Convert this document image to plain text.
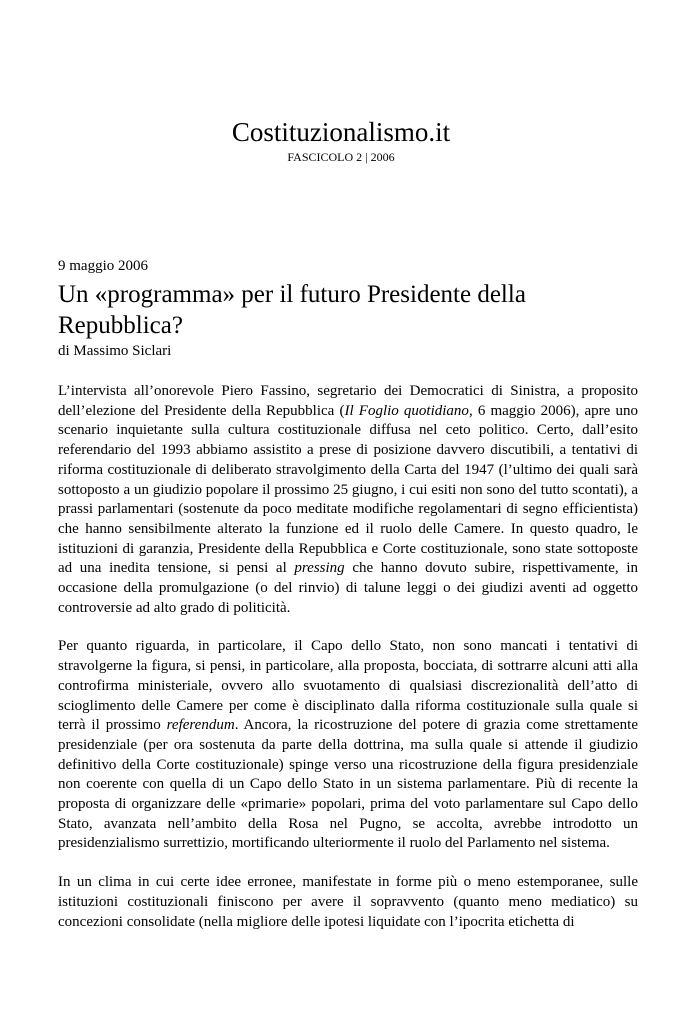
Costituzionalismo.it
FASCICOLO 2 | 2006

9 maggio 2006

Un «programma» per il futuro Presidente della Repubblica?

di Massimo Siclari

L’intervista all’onorevole Piero Fassino, segretario dei Democratici di Sinistra, a proposito dell’elezione del Presidente della Repubblica (Il Foglio quotidiano, 6 maggio 2006), apre uno scenario inquietante sulla cultura costituzionale diffusa nel ceto politico. Certo, dall’esito referendario del 1993 abbiamo assistito a prese di posizione davvero discutibili, a tentativi di riforma costituzionale di deliberato stravolgimento della Carta del 1947 (l’ultimo dei quali sarà sottoposto a un giudizio popolare il prossimo 25 giugno, i cui esiti non sono del tutto scontati), a prassi parlamentari (sostenute da poco meditate modifiche regolamentari di segno efficientista) che hanno sensibilmente alterato la funzione ed il ruolo delle Camere. In questo quadro, le istituzioni di garanzia, Presidente della Repubblica e Corte costituzionale, sono state sottoposte ad una inedita tensione, si pensi al pressing che hanno dovuto subire, rispettivamente, in occasione della promulgazione (o del rinvio) di talune leggi o dei giudizi aventi ad oggetto controversie ad alto grado di politicità.

Per quanto riguarda, in particolare, il Capo dello Stato, non sono mancati i tentativi di stravolgerne la figura, si pensi, in particolare, alla proposta, bocciata, di sottrarre alcuni atti alla controfirma ministeriale, ovvero allo svuotamento di qualsiasi discrezionalità dell’atto di scioglimento delle Camere per come è disciplinato dalla riforma costituzionale sulla quale si terrà il prossimo referendum. Ancora, la ricostruzione del potere di grazia come strettamente presidenziale (per ora sostenuta da parte della dottrina, ma sulla quale si attende il giudizio definitivo della Corte costituzionale) spinge verso una ricostruzione della figura presidenziale non coerente con quella di un Capo dello Stato in un sistema parlamentare. Più di recente la proposta di organizzare delle «primarie» popolari, prima del voto parlamentare sul Capo dello Stato, avanzata nell’ambito della Rosa nel Pugno, se accolta, avrebbe introdotto un presidenzialismo surrettizio, mortificando ulteriormente il ruolo del Parlamento nel sistema.

In un clima in cui certe idee erronee, manifestate in forme più o meno estemporanee, sulle istituzioni costituzionali finiscono per avere il sopravvento (quanto meno mediatico) su concezioni consolidate (nella migliore delle ipotesi liquidate con l’ipocrita etichetta di
